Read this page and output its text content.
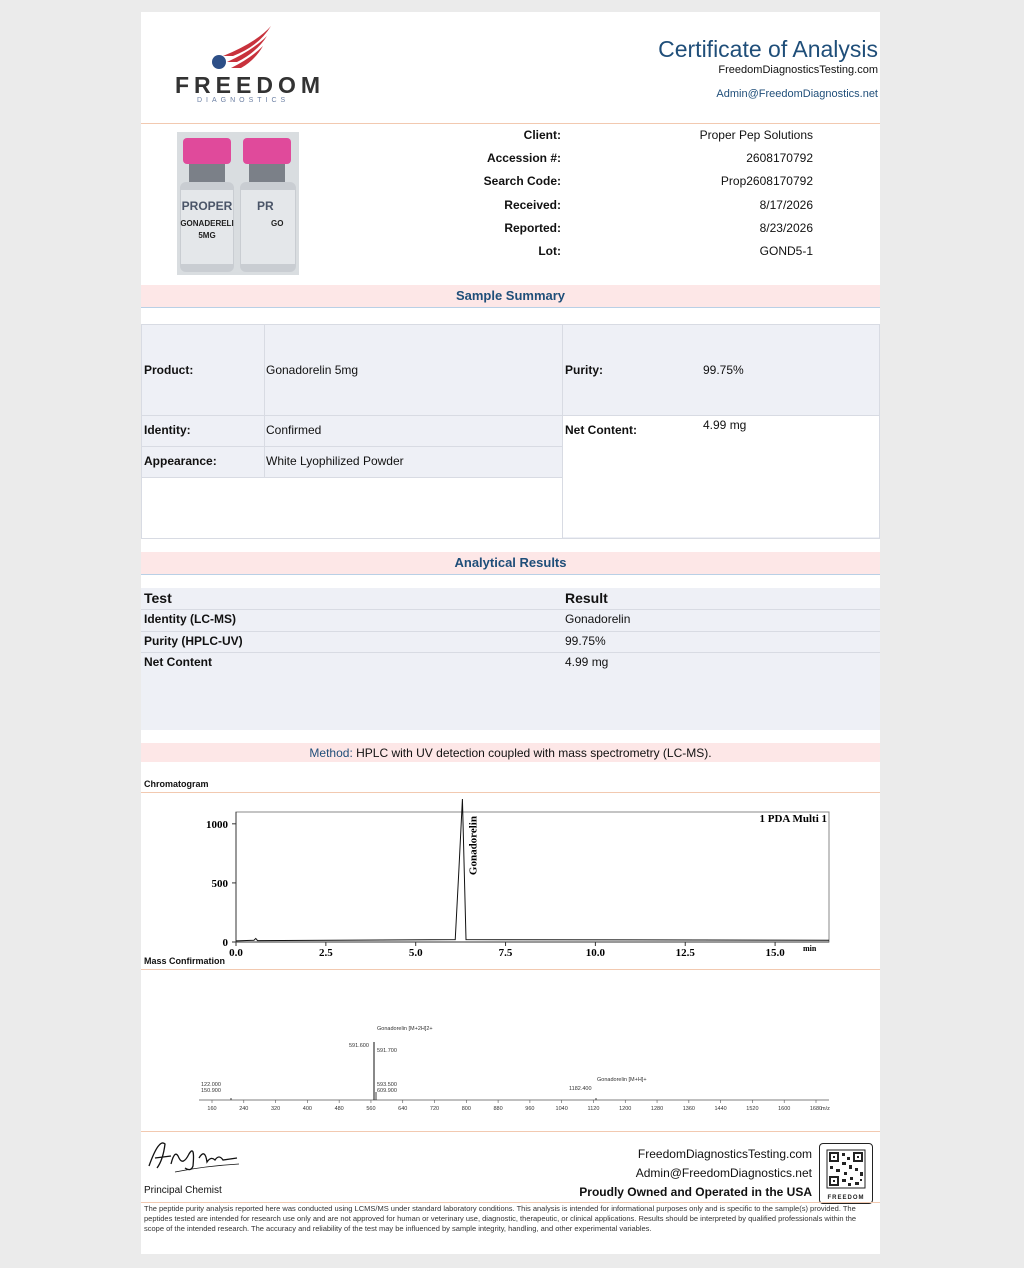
FREEDOM
DIAGNOSTICS
Certificate of Analysis
FreedomDiagnosticsTesting.com
Admin@FreedomDiagnostics.net
PROPER
GONADERELI
5MG
PR
GO
Client:	Proper Pep Solutions
Accession #:	2608170792
Search Code:	Prop2608170792
Received:	8/17/2026
Reported:	8/23/2026
Lot:	GOND5-1
Sample Summary
Product:	Gonadorelin 5mg	Purity:	99.75%
Identity:	Confirmed	Net Content:	4.99 mg
Appearance:	White Lyophilized Powder
Analytical Results
Test	Result
Identity (LC-MS)	Gonadorelin
Purity (HPLC-UV)	99.75%
Net Content	4.99 mg
Method: HPLC with UV detection coupled with mass spectrometry (LC-MS).
Chromatogram
0
500
1000
0.0	2.5	5.0	7.5	10.0	12.5	15.0 min
1 PDA Multi 1
Gonadorelin
Mass Confirmation
160	240	320	400	480	560	640	720	800	880	960	1040	1120	1200	1280	1360	1440	1520	1600	1680
m/z
Gonadorelin [M+2H]2+
Gonadorelin [M+H]+
591.600
591.700
122.000
150.900
593.500
609.900	1182.400
Principal Chemist
FreedomDiagnosticsTesting.com
Admin@FreedomDiagnostics.net
Proudly Owned and Operated in the USA	FREEDOM
The peptide purity analysis reported here was conducted using LCMS/MS under standard laboratory conditions. This analysis is intended for informational purposes only and is specific to the sample(s) provided. The peptides tested are intended for research use only and are not approved for human or veterinary use, diagnostic, therapeutic, or clinical applications. Results should be interpreted by qualified professionals within the scope of the intended research. The accuracy and reliability of the test may be influenced by sample integrity, handling, and other experimental variables.
